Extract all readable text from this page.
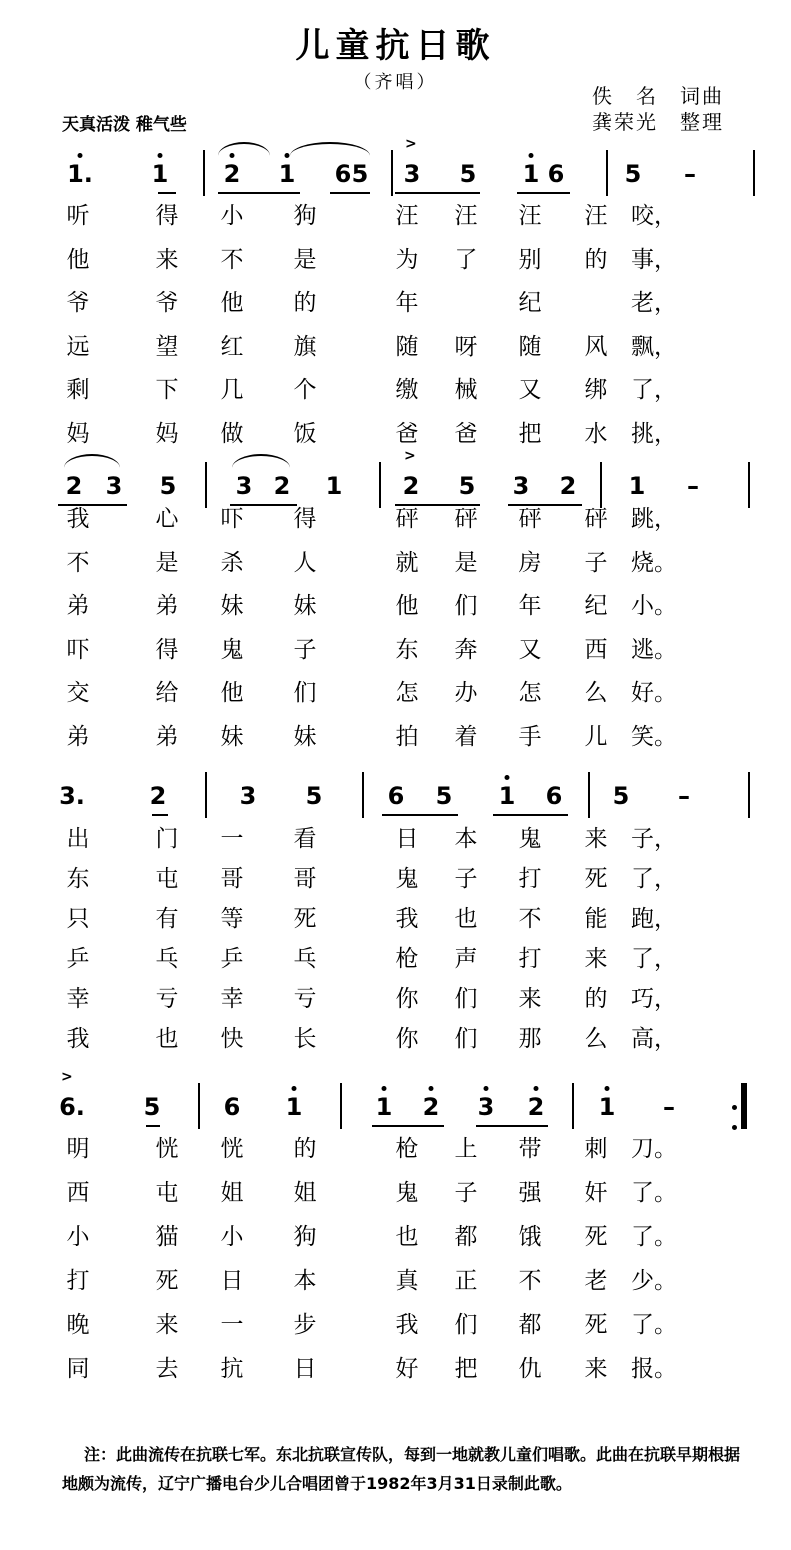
儿童抗日歌
（齐唱）
佚　名　词曲
龚荣光　整理
天真活泼 稚气些
1. 1 2 1 6 5 3 5 1 6	5 –
>
听	得 小 狗	汪 汪 汪 汪 咬，
他	来 不 是	为 了 别 的 事，
爷	爷 他 的	年	纪	老，
远	望 红 旗	随 呀 随 风 飘，
剩	下 几 个	缴 械 又 绑 了，
妈	妈 做 饭	爸 爸 把 水 挑，
2 3 5 3 2 1	2 5 3 2 1 –
>
我	心 吓 得	砰 砰 砰 砰 跳，
不	是 杀 人	就 是 房 子 烧。
弟	弟 妹 妹	他 们 年 纪 小。
吓	得 鬼 子	东 奔 又 西 逃。
交	给 他 们	怎 办 怎 么 好。
弟	弟 妹 妹	拍 着 手 儿 笑。
3.	2	3 5	6 5 1 6 5 –
出	门 一 看	日 本 鬼 来 子，
东	屯 哥 哥	鬼 子 打 死 了，
只	有 等 死	我 也 不 能 跑，
乒	乓 乒 乓	枪 声 打 来 了，
幸	亏 幸 亏	你 们 来 的 巧，
我	也 快 长	你 们 那 么 高，
6. 5	6 1	1 2 3 2 1 –
>
明	恍 恍 的	枪 上 带 刺 刀。
西	屯 姐 姐	鬼 子 强 奸 了。
小	猫 小 狗	也 都 饿 死 了。
打	死 日 本	真 正 不 老 少。
晚	来 一 步	我 们 都 死 了。
同	去 抗 日	好 把 仇 来 报。
注：此曲流传在抗联七军。东北抗联宣传队，每到一地就教儿童们唱歌。此曲在抗联早期根据地颇为流传，辽宁广播电台少儿合唱团曾于1982年3月31日录制此歌。
